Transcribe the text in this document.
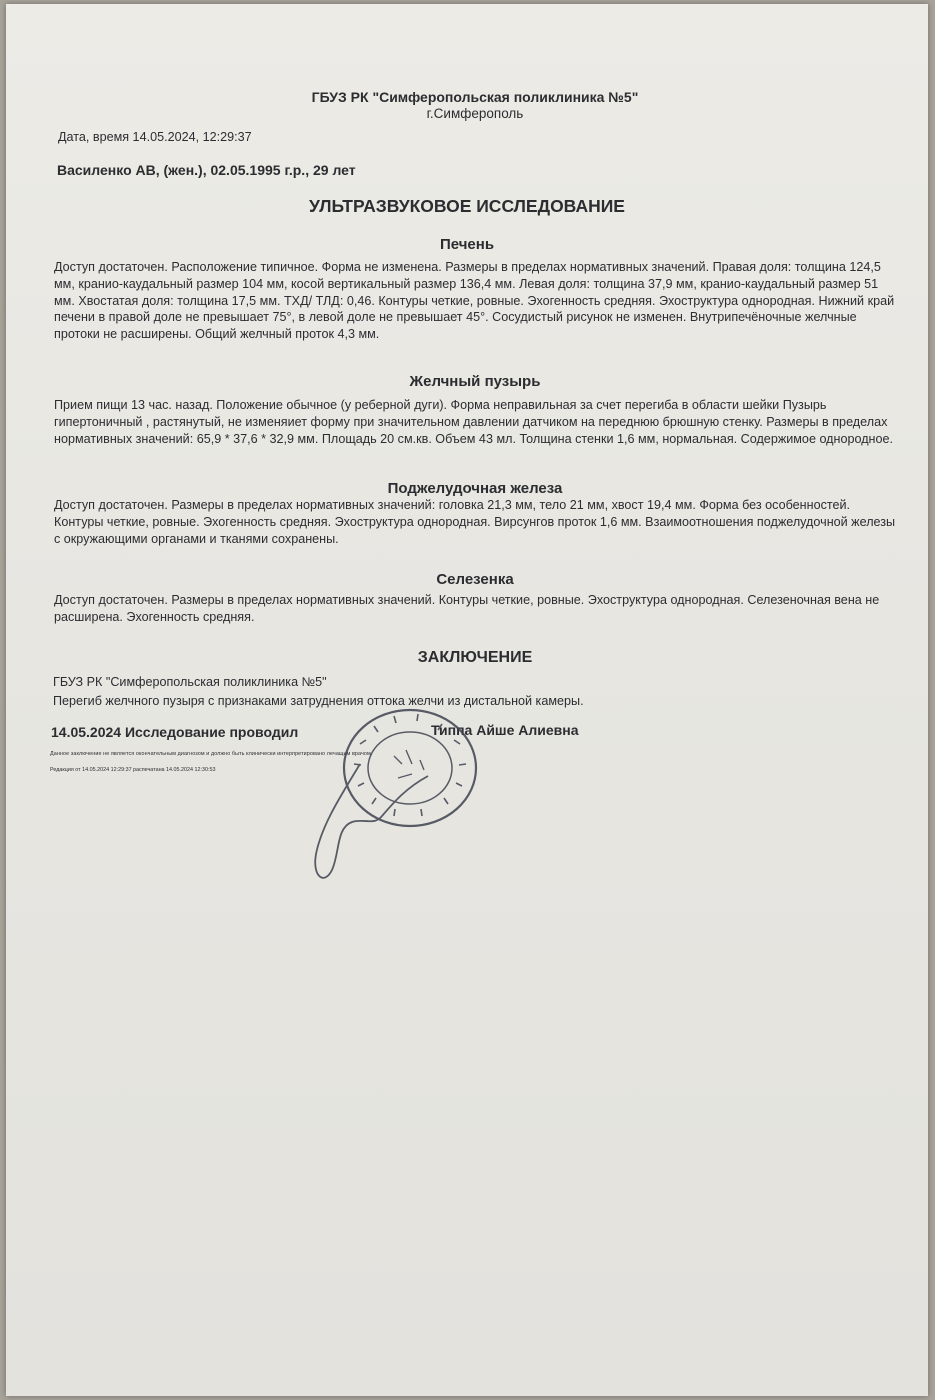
ГБУЗ РК "Симферопольская поликлиника №5"
г.Симферополь
Дата, время 14.05.2024, 12:29:37
Василенко АВ, (жен.), 02.05.1995 г.р., 29 лет
УЛЬТРАЗВУКОВОЕ ИССЛЕДОВАНИЕ
Печень
Доступ достаточен. Расположение типичное. Форма не изменена. Размеры в пределах нормативных значений. Правая доля: толщина 124,5 мм, кранио-каудальный размер 104 мм, косой вертикальный размер 136,4 мм. Левая доля: толщина 37,9 мм, кранио-каудальный размер 51 мм. Хвостатая доля: толщина 17,5 мм. ТХД/ ТЛД: 0,46. Контуры четкие, ровные. Эхогенность средняя. Эхоструктура однородная. Нижний край печени в правой доле не превышает 75°, в левой доле не превышает 45°. Сосудистый рисунок не изменен. Внутрипечёночные желчные протоки не расширены. Общий желчный проток 4,3 мм.
Желчный пузырь
Прием пищи 13 час. назад. Положение обычное (у реберной дуги). Форма неправильная за счет перегиба в области шейки Пузырь гипертоничный , растянутый, не изменяиет форму при значительном давлении датчиком на переднюю брюшную стенку. Размеры в пределах нормативных значений: 65,9 * 37,6 * 32,9 мм. Площадь 20 см.кв. Объем 43 мл. Толщина стенки 1,6 мм, нормальная. Содержимое однородное.
Поджелудочная железа
Доступ достаточен. Размеры в пределах нормативных значений: головка 21,3 мм, тело 21 мм, хвост 19,4 мм. Форма без особенностей. Контуры четкие, ровные. Эхогенность средняя. Эхоструктура однородная. Вирсунгов проток 1,6 мм. Взаимоотношения поджелудочной железы с окружающими органами и тканями сохранены.
Селезенка
Доступ достаточен. Размеры в пределах нормативных значений. Контуры четкие, ровные. Эхоструктура однородная. Селезеночная вена не расширена. Эхогенность средняя.
ЗАКЛЮЧЕНИЕ
ГБУЗ РК "Симферопольская поликлиника №5"
Перегиб желчного пузыря с признаками затруднения оттока желчи из дистальной камеры.
14.05.2024 Исследование проводил	Типпа Айше Алиевна
Данное заключение не является окончательным диагнозом и должно быть клинически интерпретировано лечащим врачом.
Редакция от 14.05.2024 12:29:37 распечатана 14.05.2024 12:30:53
